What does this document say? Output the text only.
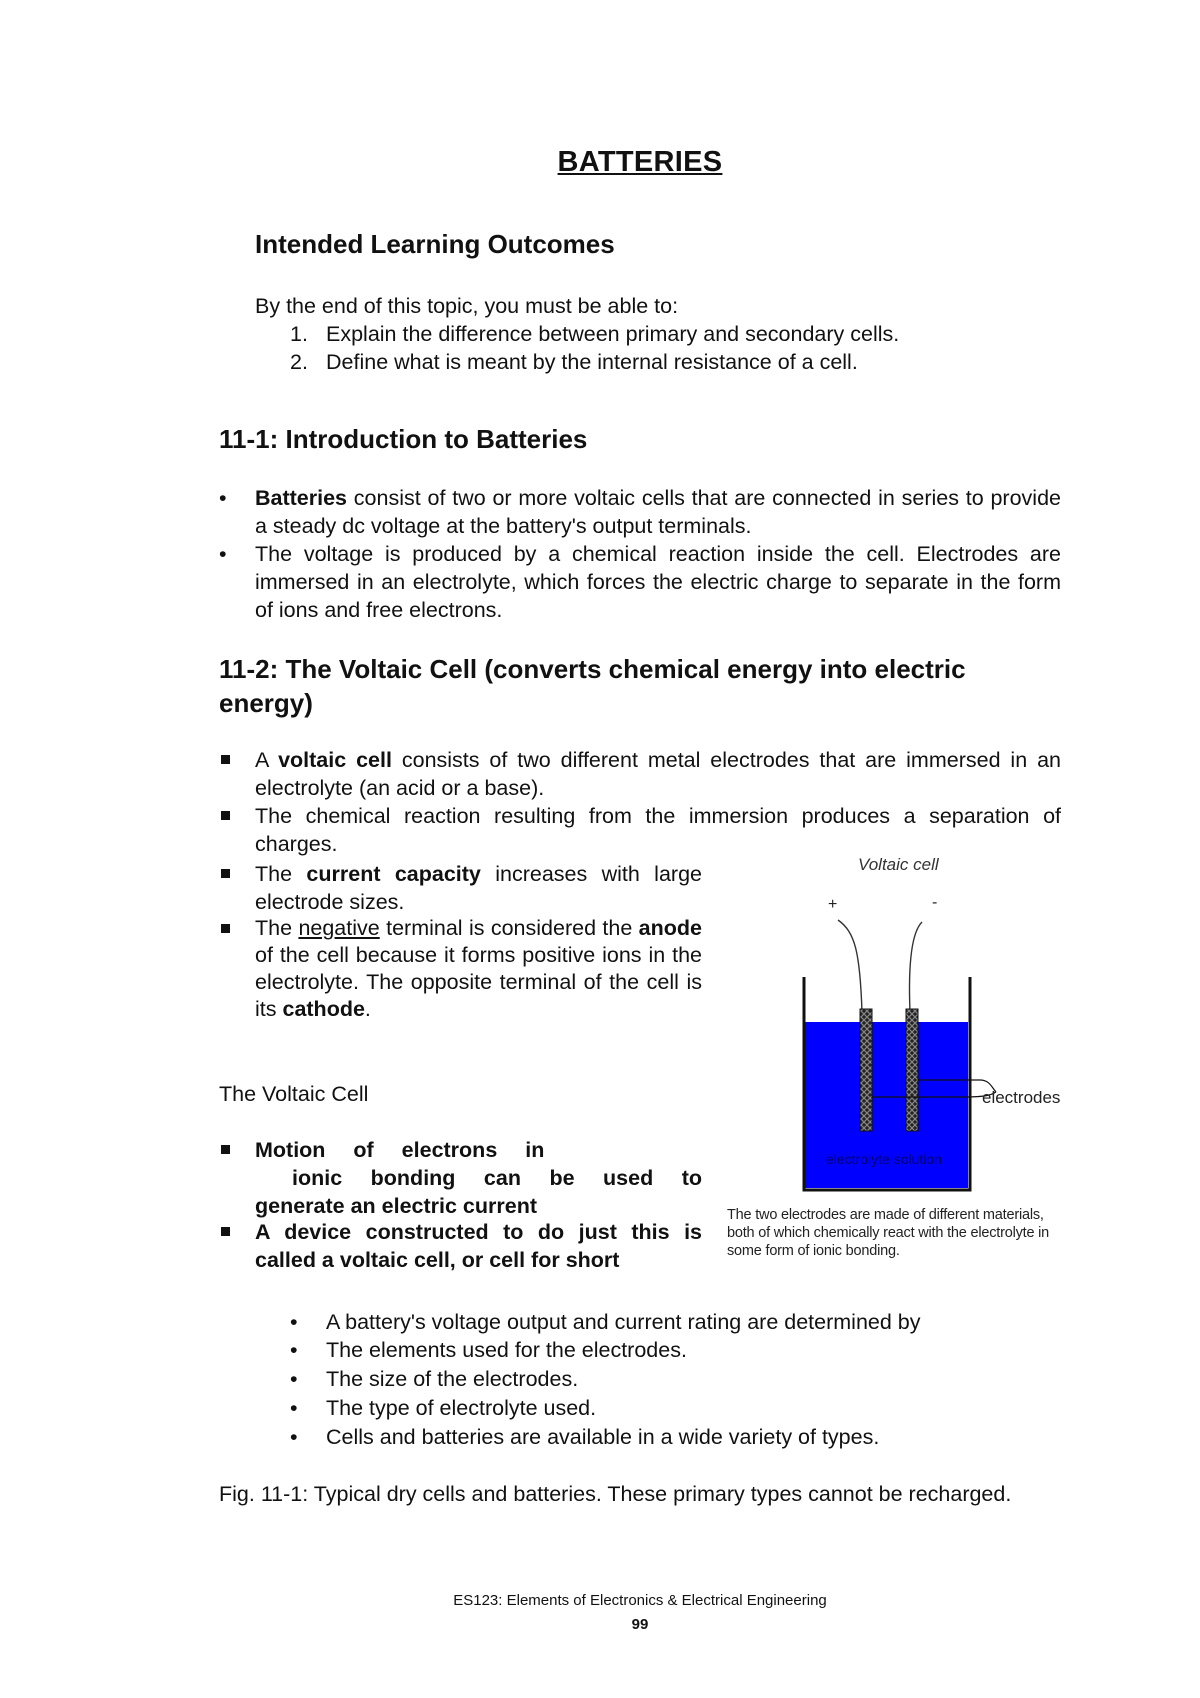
BATTERIES
Intended Learning Outcomes
By the end of this topic, you must be able to:
1. Explain the difference between primary and secondary cells.
2. Define what is meant by the internal resistance of a cell.
11-1: Introduction to Batteries
• Batteries consist of two or more voltaic cells that are connected in series to provide a steady dc voltage at the battery's output terminals.
• The voltage is produced by a chemical reaction inside the cell. Electrodes are immersed in an electrolyte, which forces the electric charge to separate in the form of ions and free electrons.
11-2: The Voltaic Cell (converts chemical energy into electric energy)
A voltaic cell consists of two different metal electrodes that are immersed in an electrolyte (an acid or a base).
The chemical reaction resulting from the immersion produces a separation of charges.
The current capacity increases with large electrode sizes.
The negative terminal is considered the anode of the cell because it forms positive ions in the electrolyte. The opposite terminal of the cell is its cathode.
The Voltaic Cell
Motion of electrons in
ionic bonding can be used to
generate an electric current
A device constructed to do just this is called a voltaic cell, or cell for short
Voltaic cell
+	-
electrodes
electrolyte solution
The two electrodes are made of different materials, both of which chemically react with the electrolyte in some form of ionic bonding.
• A battery's voltage output and current rating are determined by
• The elements used for the electrodes.
• The size of the electrodes.
• The type of electrolyte used.
• Cells and batteries are available in a wide variety of types.
Fig. 11-1: Typical dry cells and batteries. These primary types cannot be recharged.
ES123: Elements of Electronics & Electrical Engineering
99
